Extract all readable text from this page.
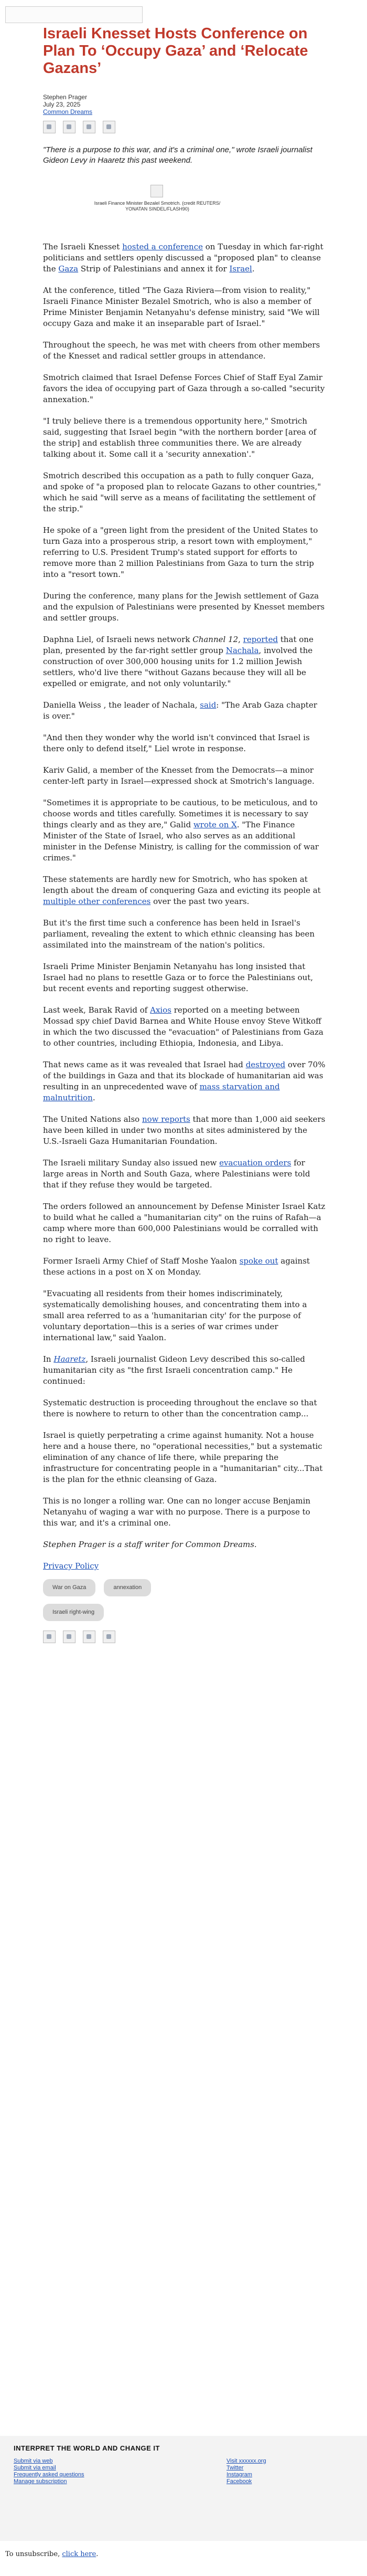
Israeli Knesset Hosts Conference on Plan To ‘Occupy Gaza’ and ‘Relocate Gazans’
Stephen Prager
July 23, 2025
Common Dreams

"There is a purpose to this war, and it's a criminal one," wrote Israeli journalist Gideon Levy in Haaretz this past weekend.

Israeli Finance Minister Bezalel Smotrich. (credit REUTERS/ YONATAN SINDEL/FLASH90)

The Israeli Knesset hosted a conference on Tuesday in which far-right politicians and settlers openly discussed a "proposed plan" to cleanse the Gaza Strip of Palestinians and annex it for Israel.

At the conference, titled "The Gaza Riviera—from vision to reality," Israeli Finance Minister Bezalel Smotrich, who is also a member of Prime Minister Benjamin Netanyahu's defense ministry, said "We will occupy Gaza and make it an inseparable part of Israel."

Throughout the speech, he was met with cheers from other members of the Knesset and radical settler groups in attendance.

Smotrich claimed that Israel Defense Forces Chief of Staff Eyal Zamir favors the idea of occupying part of Gaza through a so-called "security annexation."

"I truly believe there is a tremendous opportunity here," Smotrich said, suggesting that Israel begin "with the northern border [area of the strip] and establish three communities there. We are already talking about it. Some call it a 'security annexation'."

Smotrich described this occupation as a path to fully conquer Gaza, and spoke of "a proposed plan to relocate Gazans to other countries," which he said "will serve as a means of facilitating the settlement of the strip."

He spoke of a "green light from the president of the United States to turn Gaza into a prosperous strip, a resort town with employment," referring to U.S. President Trump's stated support for efforts to remove more than 2 million Palestinians from Gaza to turn the strip into a "resort town."

During the conference, many plans for the Jewish settlement of Gaza and the expulsion of Palestinians were presented by Knesset members and settler groups.

Daphna Liel, of Israeli news network Channel 12, reported that one plan, presented by the far-right settler group Nachala, involved the construction of over 300,000 housing units for 1.2 million Jewish settlers, who'd live there "without Gazans because they will all be expelled or emigrate, and not only voluntarily."

Daniella Weiss , the leader of Nachala, said: "The Arab Gaza chapter is over."

"And then they wonder why the world isn't convinced that Israel is there only to defend itself," Liel wrote in response.

Kariv Galid, a member of the Knesset from the Democrats—a minor center-left party in Israel—expressed shock at Smotrich's language.

"Sometimes it is appropriate to be cautious, to be meticulous, and to choose words and titles carefully. Sometimes it is necessary to say things clearly and as they are," Galid wrote on X. "The Finance Minister of the State of Israel, who also serves as an additional minister in the Defense Ministry, is calling for the commission of war crimes."

These statements are hardly new for Smotrich, who has spoken at length about the dream of conquering Gaza and evicting its people at multiple other conferences over the past two years.

But it's the first time such a conference has been held in Israel's parliament, revealing the extent to which ethnic cleansing has been assimilated into the mainstream of the nation's politics.

Israeli Prime Minister Benjamin Netanyahu has long insisted that Israel had no plans to resettle Gaza or to force the Palestinians out, but recent events and reporting suggest otherwise.

Last week, Barak Ravid of Axios reported on a meeting between Mossad spy chief David Barnea and White House envoy Steve Witkoff in which the two discussed the "evacuation" of Palestinians from Gaza to other countries, including Ethiopia, Indonesia, and Libya.

That news came as it was revealed that Israel had destroyed over 70% of the buildings in Gaza and that its blockade of humanitarian aid was resulting in an unprecedented wave of mass starvation and malnutrition.

The United Nations also now reports that more than 1,000 aid seekers have been killed in under two months at sites administered by the U.S.-Israeli Gaza Humanitarian Foundation.

The Israeli military Sunday also issued new evacuation orders for large areas in North and South Gaza, where Palestinians were told that if they refuse they would be targeted.

The orders followed an announcement by Defense Minister Israel Katz to build what he called a "humanitarian city" on the ruins of Rafah—a camp where more than 600,000 Palestinians would be corralled with no right to leave.

Former Israeli Army Chief of Staff Moshe Yaalon spoke out against these actions in a post on X on Monday.

"Evacuating all residents from their homes indiscriminately, systematically demolishing houses, and concentrating them into a small area referred to as a 'humanitarian city' for the purpose of voluntary deportation—this is a series of war crimes under international law," said Yaalon.

In Haaretz, Israeli journalist Gideon Levy described this so-called humanitarian city as "the first Israeli concentration camp." He continued:

Systematic destruction is proceeding throughout the enclave so that there is nowhere to return to other than the concentration camp...

Israel is quietly perpetrating a crime against humanity. Not a house here and a house there, no "operational necessities," but a systematic elimination of any chance of life there, while preparing the infrastructure for concentrating people in a "humanitarian" city...That is the plan for the ethnic cleansing of Gaza.

This is no longer a rolling war. One can no longer accuse Benjamin Netanyahu of waging a war with no purpose. There is a purpose to this war, and it's a criminal one.

Stephen Prager is a staff writer for Common Dreams.

Privacy Policy

War on Gaza	annexation
Israeli right-wing
INTERPRET THE WORLD AND CHANGE IT
Submit via web
Submit via email
Frequently asked questions
Manage subscription
Visit xxxxxx.org
Twitter
Instagram
Facebook
To unsubscribe, click here.
